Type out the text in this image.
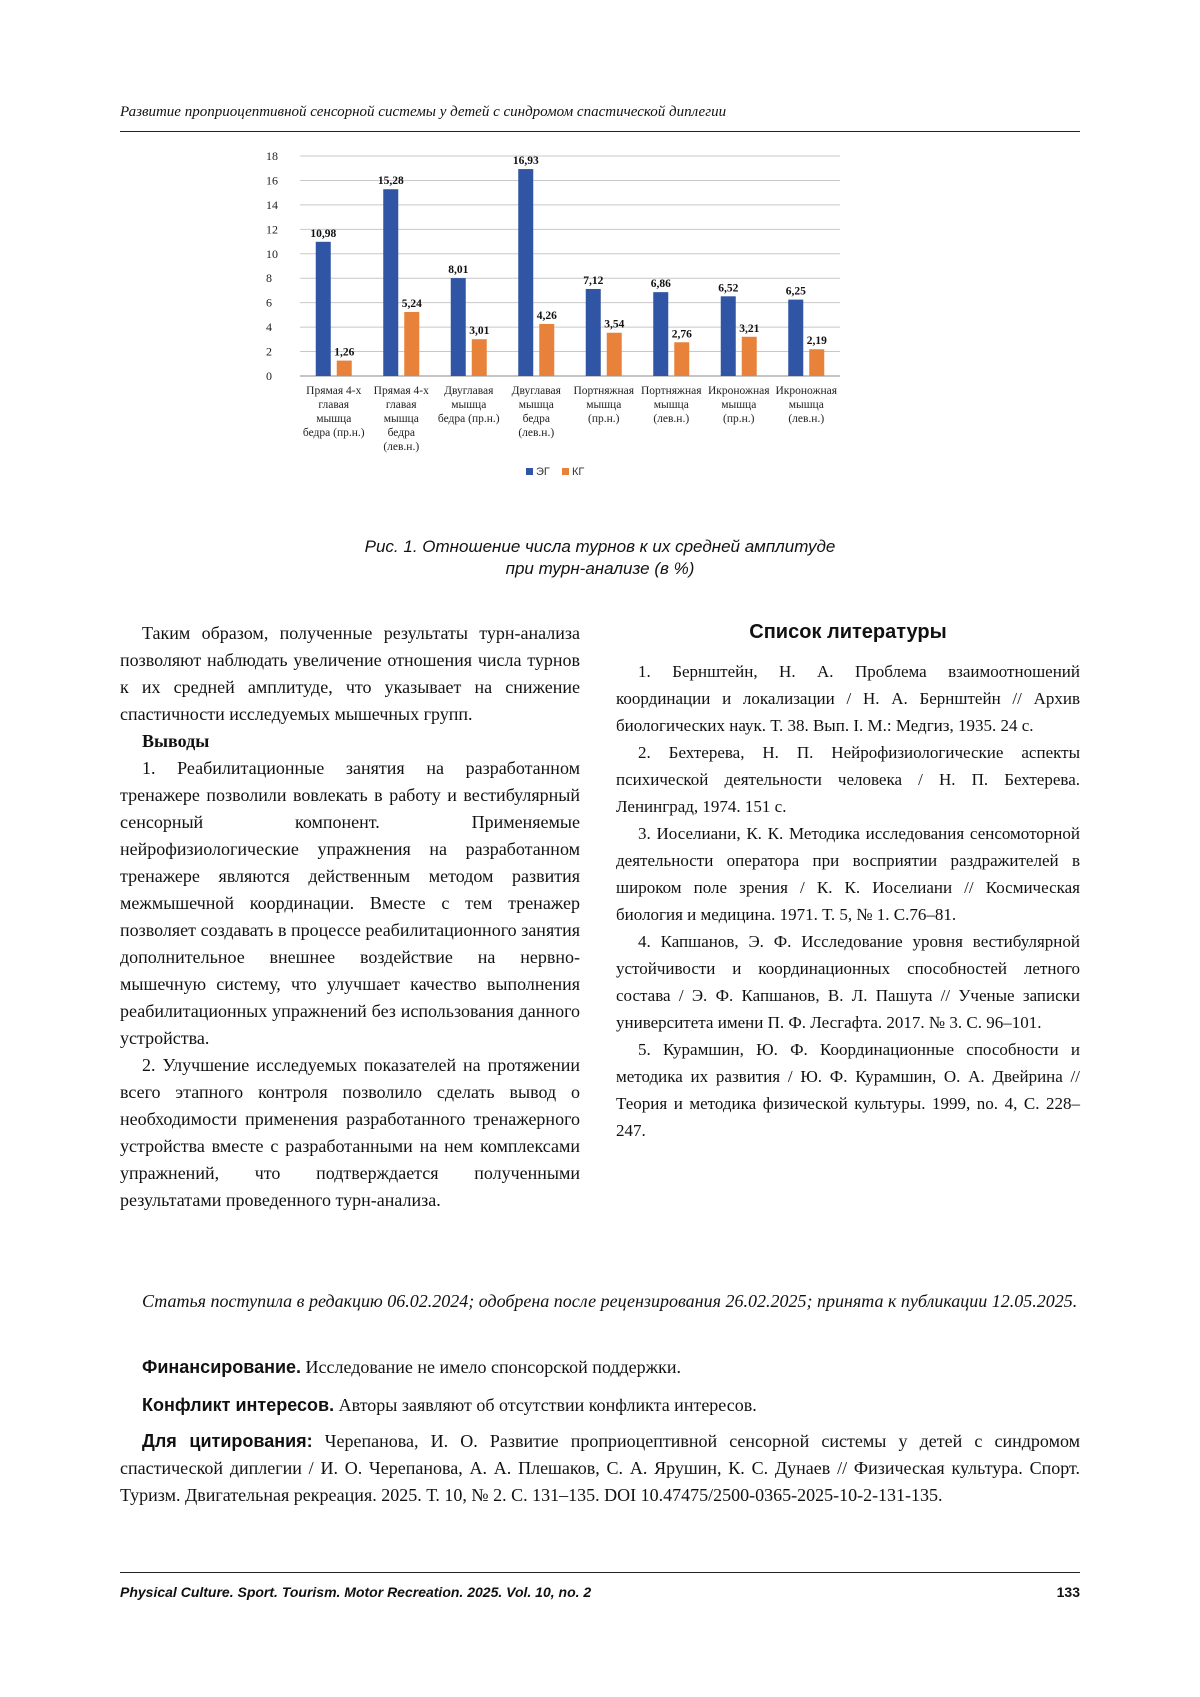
Развитие проприоцептивной сенсорной системы у детей с синдромом спастической диплегии
0
2
4
6
8
10
12
14
16
18
10,98
1,26
Прямая 4-х
главая
мышца
бедра (пр.н.)
15,28
5,24
Прямая 4-х
главая
мышца
бедра
(лев.н.)
8,01
3,01
Двуглавая
мышца
бедра (пр.н.)
16,93
4,26
Двуглавая
мышца
бедра
(лев.н.)
7,12
3,54
Портняжная
мышца
(пр.н.)
6,86
2,76
Портняжная
мышца
(лев.н.)
6,52
3,21
Икроножная
мышца
(пр.н.)
6,25
2,19
Икроножная
мышца
(лев.н.)
ЭГ КГ
Рис. 1. Отношение числа турнов к их средней амплитуде
при турн-анализе (в %)

Таким образом, полученные результаты турн-анализа позволяют наблюдать увеличение отношения числа турнов к их средней амплитуде, что указывает на снижение спастичности исследуемых мышечных групп.

Выводы

1. Реабилитационные занятия на разработанном тренажере позволили вовлекать в работу и вестибулярный сенсорный компонент. Применяемые нейрофизиологические упражнения на разработанном тренажере являются действенным методом развития межмышечной координации. Вместе с тем тренажер позволяет создавать в процессе реабилитационного занятия дополнительное внешнее воздействие на нервно-мышечную систему, что улучшает качество выполнения реабилитационных упражнений без использования данного устройства.

2. Улучшение исследуемых показателей на протяжении всего этапного контроля позволило сделать вывод о необходимости применения разработанного тренажерного устройства вместе с разработанными на нем комплексами упражнений, что подтверждается полученными результатами проведенного турн-анализа.

Список литературы

1. Бернштейн, Н. А. Проблема взаимоотношений координации и локализации / Н. А. Бернштейн // Архив биологических наук. Т. 38. Вып. I. М.: Медгиз, 1935. 24 с.

2. Бехтерева, Н. П. Нейрофизиологические аспекты психической деятельности человека / Н. П. Бехтерева. Ленинград, 1974. 151 с.

3. Иоселиани, К. К. Методика исследования сенсомоторной деятельности оператора при восприятии раздражителей в широком поле зрения / К. К. Иоселиани // Космическая биология и медицина. 1971. Т. 5, № 1. С.76–81.

4. Капшанов, Э. Ф. Исследование уровня вестибулярной устойчивости и координационных способностей летного состава / Э. Ф. Капшанов, В. Л. Пашута // Ученые записки университета имени П. Ф. Лесгафта. 2017. № 3. С. 96–101.

5. Курамшин, Ю. Ф. Координационные способности и методика их развития / Ю. Ф. Курамшин, О. А. Двейрина // Теория и методика физической культуры. 1999, no. 4, С. 228–247.

Статья поступила в редакцию 06.02.2024; одобрена после рецензирования 26.02.2025; принята к публикации 12.05.2025.
Финансирование. Исследование не имело спонсорской поддержки.
Конфликт интересов. Авторы заявляют об отсутствии конфликта интересов.
Для цитирования: Черепанова, И. О. Развитие проприоцептивной сенсорной системы у детей с синдромом спастической диплегии / И. О. Черепанова, А. А. Плешаков, С. А. Ярушин, К. С. Дунаев // Физическая культура. Спорт. Туризм. Двигательная рекреация. 2025. Т. 10, № 2. С. 131–135. DOI 10.47475/2500-0365-2025-10-2-131-135.
Physical Culture. Sport. Tourism. Motor Recreation. 2025. Vol. 10, no. 2	133
